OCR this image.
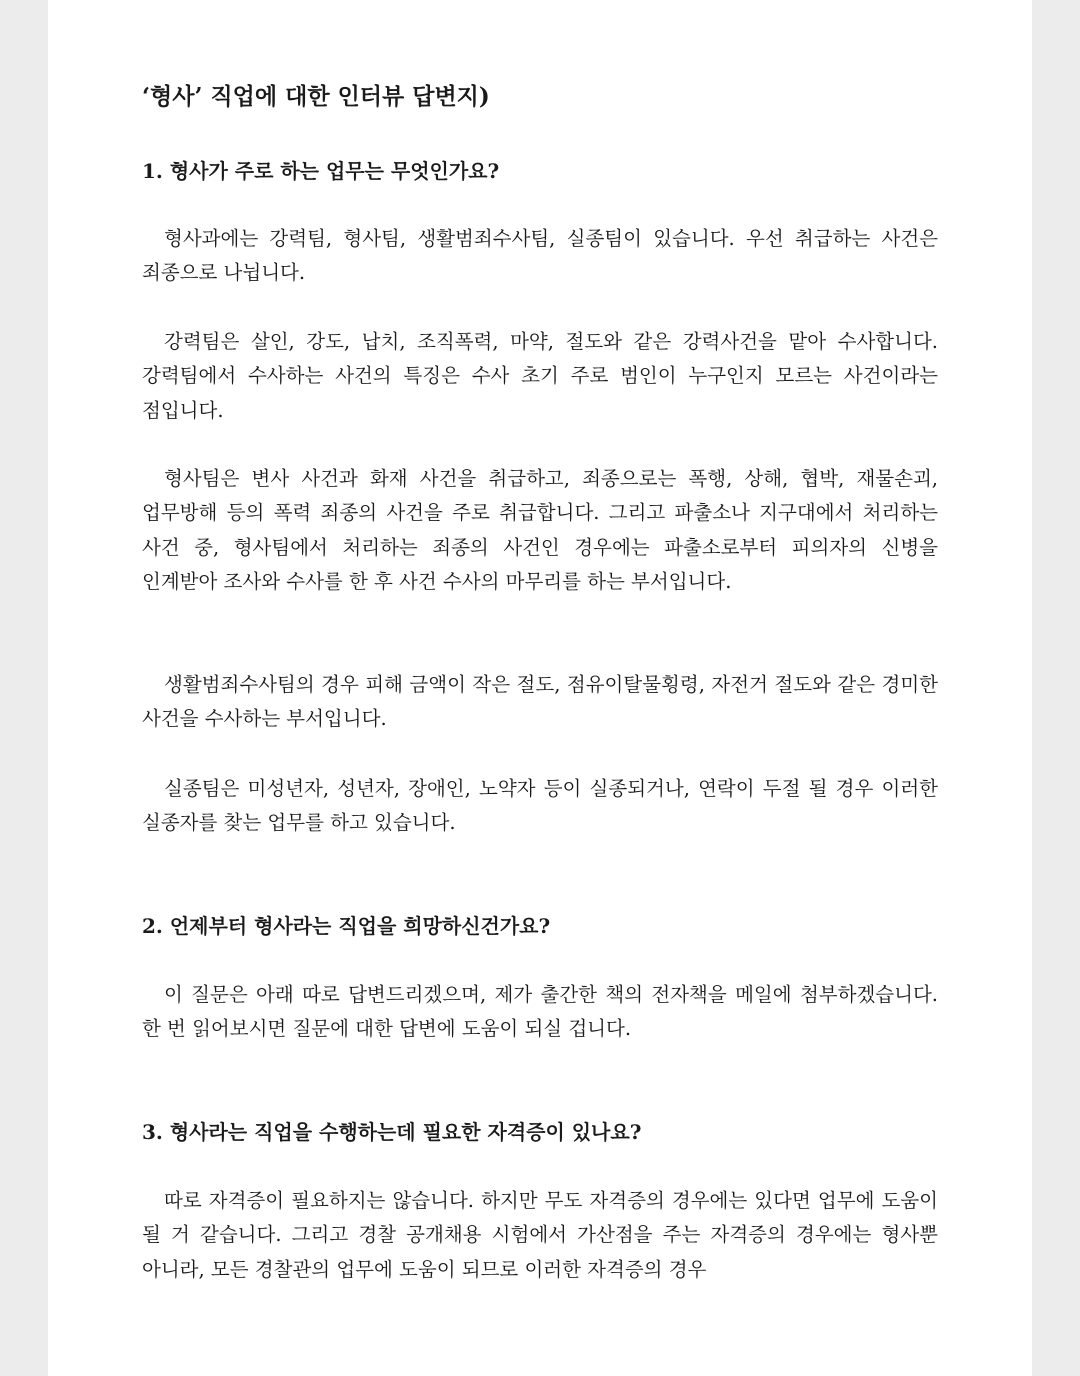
‘형사’ 직업에 대한 인터뷰 답변지)
1. 형사가 주로 하는 업무는 무엇인가요?

형사과에는 강력팀, 형사팀, 생활범죄수사팀, 실종팀이 있습니다. 우선 취급하는 사건은 죄종으로 나뉩니다.

강력팀은 살인, 강도, 납치, 조직폭력, 마약, 절도와 같은 강력사건을 맡아 수사합니다. 강력팀에서 수사하는 사건의 특징은 수사 초기 주로 범인이 누구인지 모르는 사건이라는 점입니다.

형사팀은 변사 사건과 화재 사건을 취급하고, 죄종으로는 폭행, 상해, 협박, 재물손괴, 업무방해 등의 폭력 죄종의 사건을 주로 취급합니다. 그리고 파출소나 지구대에서 처리하는 사건 중, 형사팀에서 처리하는 죄종의 사건인 경우에는 파출소로부터 피의자의 신병을 인계받아 조사와 수사를 한 후 사건 수사의 마무리를 하는 부서입니다.

생활범죄수사팀의 경우 피해 금액이 작은 절도, 점유이탈물횡령, 자전거 절도와 같은 경미한 사건을 수사하는 부서입니다.

실종팀은 미성년자, 성년자, 장애인, 노약자 등이 실종되거나, 연락이 두절 될 경우 이러한 실종자를 찾는 업무를 하고 있습니다.

2. 언제부터 형사라는 직업을 희망하신건가요?

이 질문은 아래 따로 답변드리겠으며, 제가 출간한 책의 전자책을 메일에 첨부하겠습니다. 한 번 읽어보시면 질문에 대한 답변에 도움이 되실 겁니다.

3. 형사라는 직업을 수행하는데 필요한 자격증이 있나요?

따로 자격증이 필요하지는 않습니다. 하지만 무도 자격증의 경우에는 있다면 업무에 도움이 될 거 같습니다. 그리고 경찰 공개채용 시험에서 가산점을 주는 자격증의 경우에는 형사뿐 아니라, 모든 경찰관의 업무에 도움이 되므로 이러한 자격증의 경우
